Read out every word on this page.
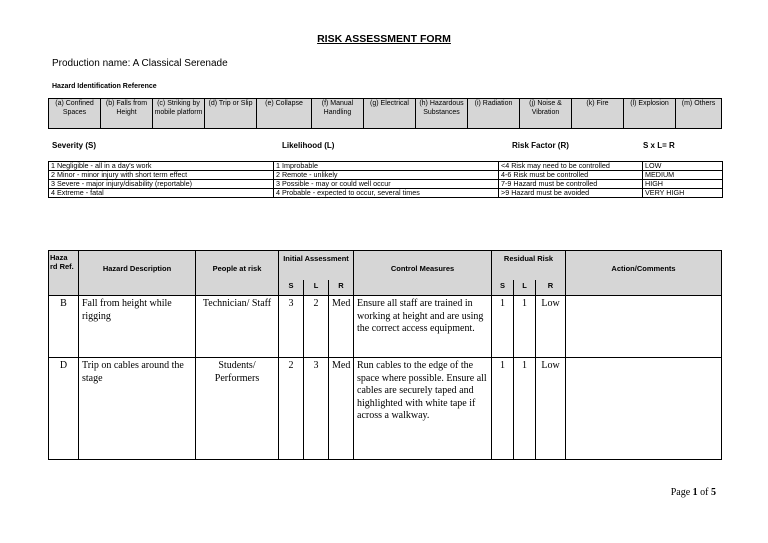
RISK ASSESSMENT FORM
Production name: A Classical Serenade
Hazard Identification Reference
(a) Confined Spaces	(b) Falls from Height	(c) Striking by mobile platform	(d) Trip or Slip	(e) Collapse	(f) Manual Handling	(g) Electrical	(h) Hazardous Substances	(i) Radiation	(j) Noise & Vibration	(k) Fire	(l) Explosion	(m) Others
Severity (S)	Likelihood (L)	Risk Factor (R)	S x L= R
1 Negligible - all in a day's work	1 Improbable	<4 Risk may need to be controlled	LOW
2 Minor - minor injury with short term effect	2 Remote - unlikely	4-6 Risk must be controlled	MEDIUM
3 Severe - major injury/disability (reportable)	3 Possible - may or could well occur	7-9 Hazard must be controlled	HIGH
4 Extreme - fatal	4 Probable - expected to occur, several times	>9 Hazard must be avoided	VERY HIGH
Haza rd Ref.	Hazard Description	People at risk	Initial Assessment			Control Measures	Residual Risk			Action/Comments
			S	L	R		S	L	R	
B	Fall from height while rigging	Technician/ Staff	3	2	Med	Ensure all staff are trained in working at height and are using the correct access equipment.	1	1	Low	
D	Trip on cables around the stage	Students/ Performers	2	3	Med	Run cables to the edge of the space where possible. Ensure all cables are securely taped and highlighted with white tape if across a walkway.	1	1	Low	
Page 1 of 5
